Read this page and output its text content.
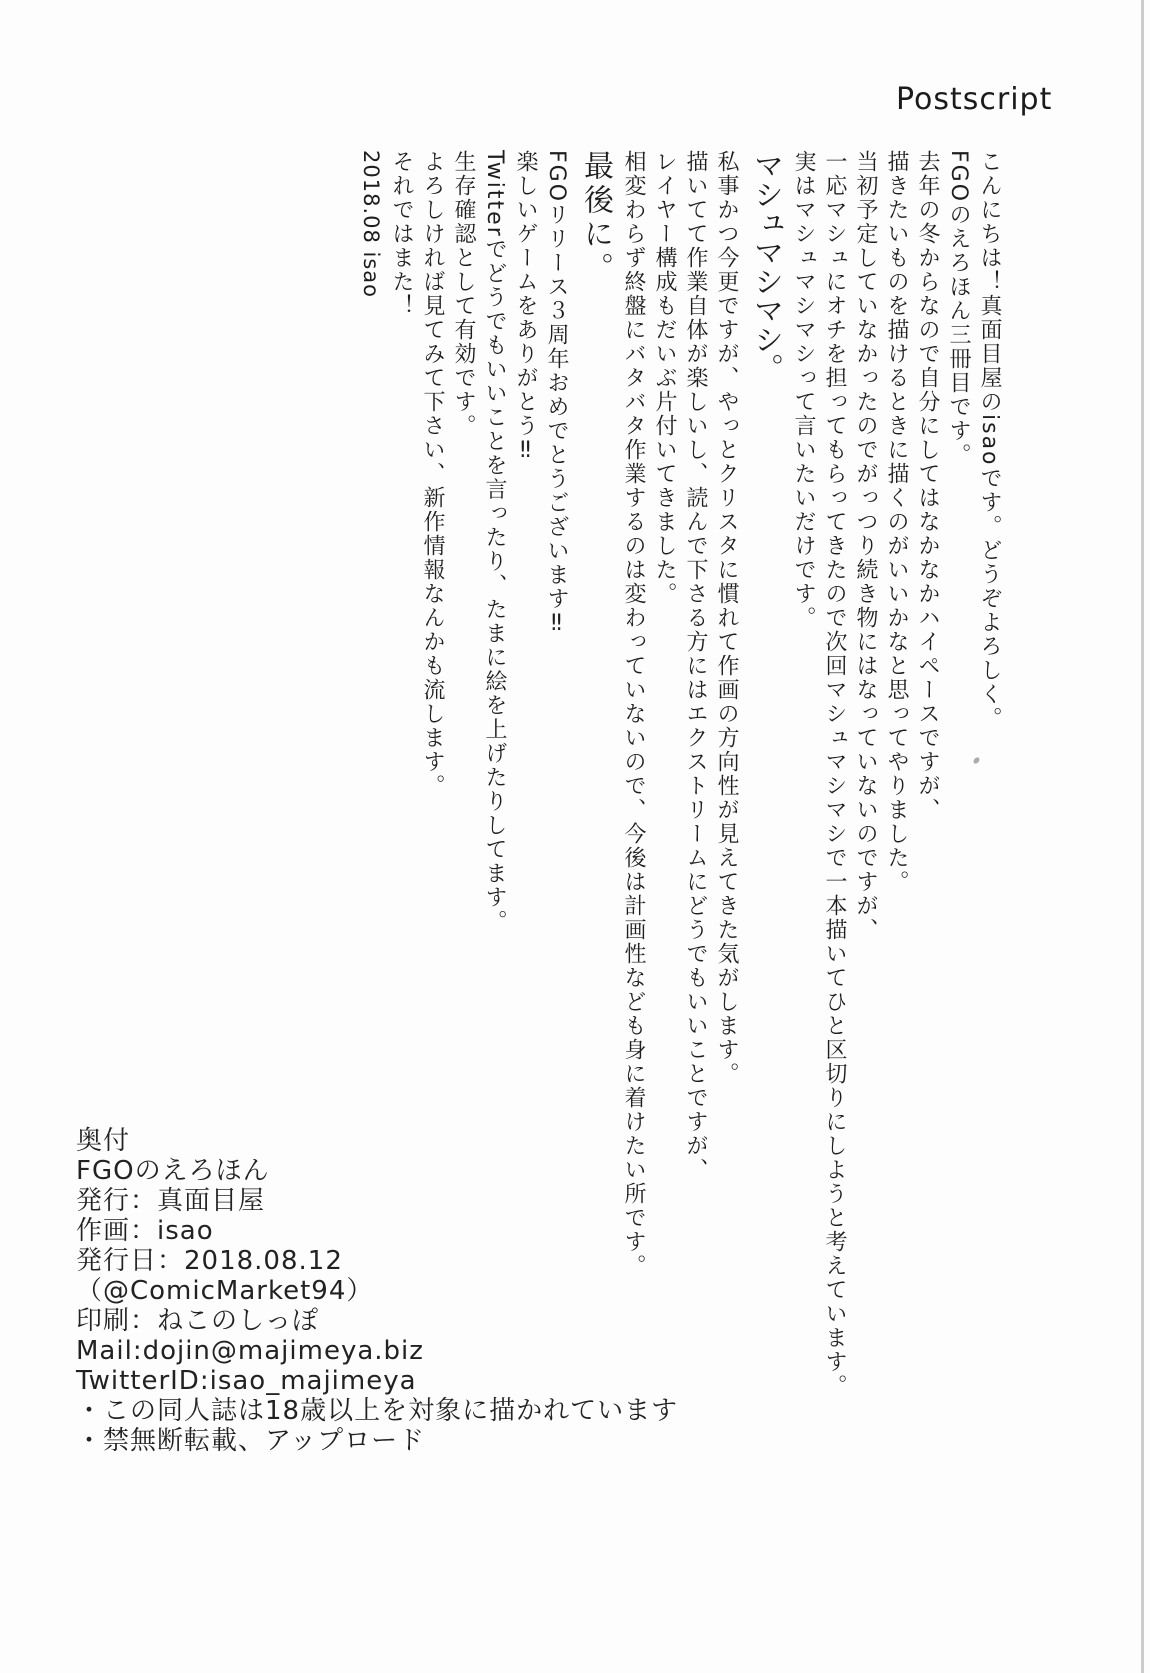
Postscript

こんにちは！真面目屋のisaoです。どうぞよろしく。

FGOのえろほん三冊目です。

去年の冬からなので自分にしてはなかなかハイペースですが、

描きたいものを描けるときに描くのがいいかなと思ってやりました。

当初予定していなかったのでがっつり続き物にはなっていないのですが、

一応マシュにオチを担ってもらってきたので次回マシュマシマシで一本描いてひと区切りにしようと考えています。

実はマシュマシマシって言いたいだけです。

マシュマシマシ。

私事かつ今更ですが、やっとクリスタに慣れて作画の方向性が見えてきた気がします。

描いてて作業自体が楽しいし、読んで下さる方にはエクストリームにどうでもいいことですが、

レイヤー構成もだいぶ片付いてきました。

相変わらず終盤にバタバタ作業するのは変わっていないので、今後は計画性なども身に着けたい所です。

最後に。

FGOリリース３周年おめでとうございます‼

楽しいゲームをありがとう‼

Twitterでどうでもいいことを言ったり、たまに絵を上げたりしてます。

生存確認として有効です。

よろしければ見てみて下さい、新作情報なんかも流します。

それではまた！

2018.08 isao

奥付

FGOのえろほん

発行：真面目屋

作画：isao

発行日：2018.08.12

（@ComicMarket94）

印刷：ねこのしっぽ

Mail:dojin@majimeya.biz

TwitterID:isao_majimeya

・この同人誌は18歳以上を対象に描かれています

・禁無断転載、アップロード
